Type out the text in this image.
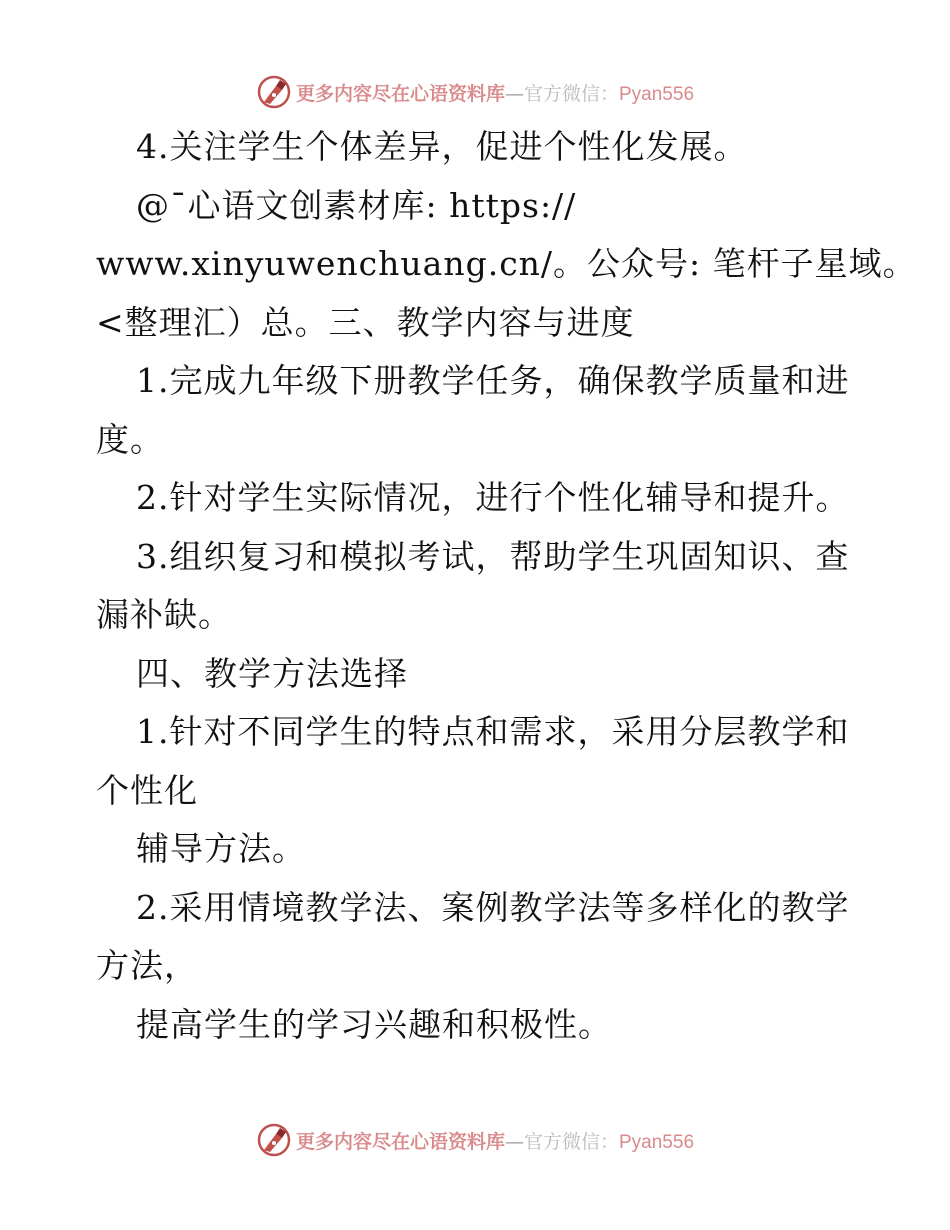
更多内容尽在心语资料库—官方微信：Pyan556
4.关注学生个体差异，促进个性化发展。
@¯心语文创素材库: https://
www.xinyuwenchuang.cn/。公众号: 笔杆子星域。
<整理汇）总。三、教学内容与进度
1.完成九年级下册教学任务，确保教学质量和进
度。
2.针对学生实际情况，进行个性化辅导和提升。
3.组织复习和模拟考试，帮助学生巩固知识、查
漏补缺。
四、教学方法选择
1.针对不同学生的特点和需求，采用分层教学和
个性化
辅导方法。
2.采用情境教学法、案例教学法等多样化的教学
方法，
提高学生的学习兴趣和积极性。
更多内容尽在心语资料库—官方微信：Pyan556
